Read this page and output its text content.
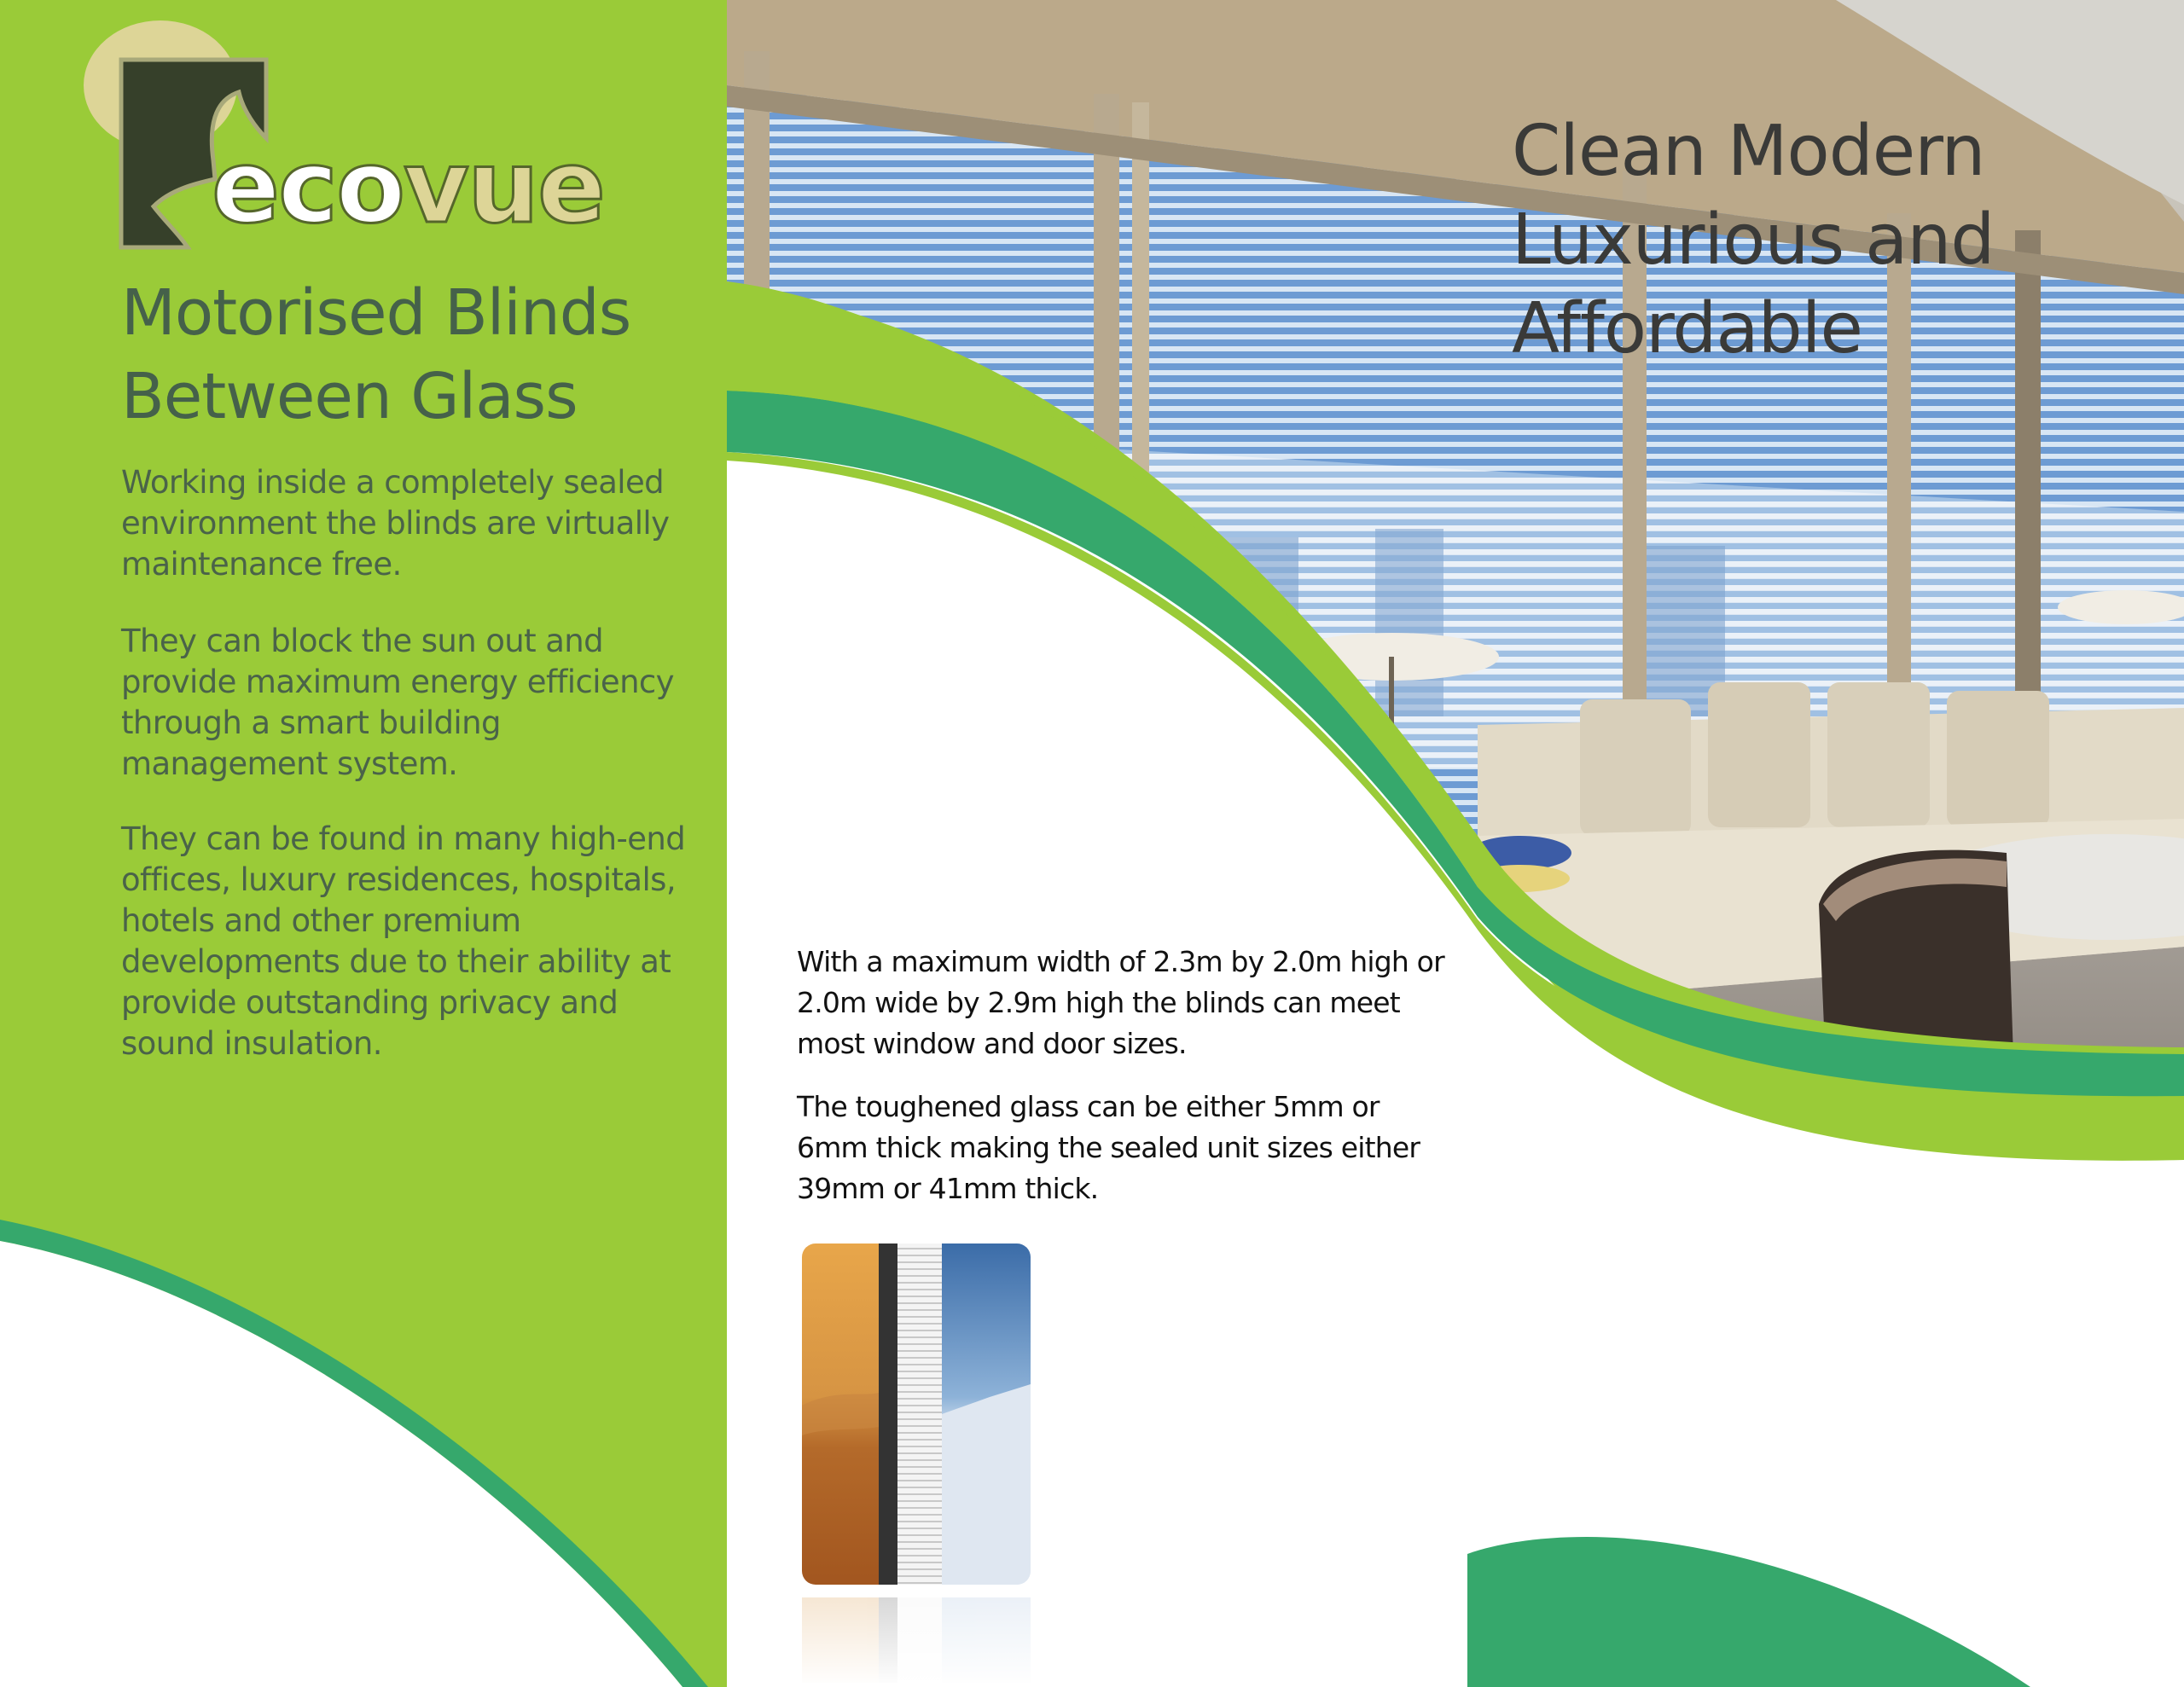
ecovue
Motorised Blinds
Between Glass

Working inside a completely sealed environment the blinds are virtually maintenance free.

They can block the sun out and provide maximum energy efficiency through a smart building management system.

They can be found in many high-end offices, luxury residences, hospitals, hotels and other premium developments due to their ability at provide outstanding privacy and sound insulation.

Clean Modern
Luxurious and
Affordable

With a maximum width of 2.3m by 2.0m high or 2.0m wide by 2.9m high the blinds can meet most window and door sizes.

The toughened glass can be either 5mm or 6mm thick making the sealed unit sizes either 39mm or 41mm thick.
